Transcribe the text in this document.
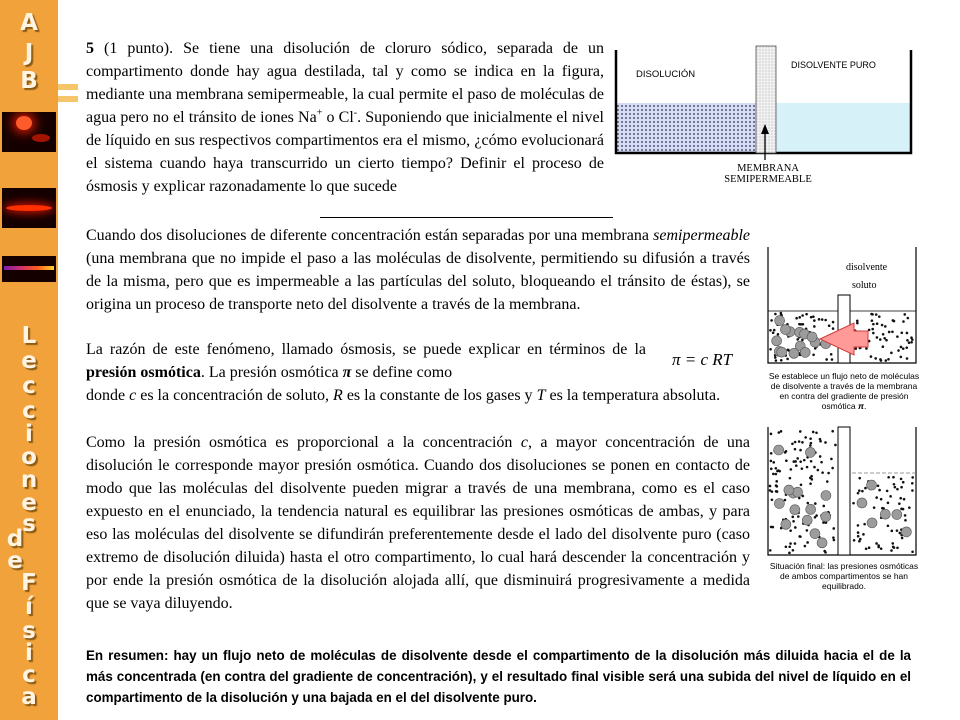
A
J
B
L
e
c
c
i
o
n
e
s
d
e
F
í
s
i
c
a

5 (1 punto). Se tiene una disolución de cloruro sódico, separada de un compartimento donde hay agua destilada, tal y como se indica en la figura, mediante una membrana semipermeable, la cual permite el paso de moléculas de agua pero no el tránsito de iones Na+ o Cl-. Suponiendo que inicialmente el nivel de líquido en sus respectivos compartimentos era el mismo, ¿cómo evolucionará el sistema cuando haya transcurrido un cierto tiempo? Definir el proceso de ósmosis y explicar razonadamente lo que sucede

DISOLUCIÓN
DISOLVENTE PURO
MEMBRANA
SEMIPERMEABLE

Cuando dos disoluciones de diferente concentración están separadas por una membrana semipermeable (una membrana que no impide el paso a las moléculas de disolvente, permitiendo su difusión a través de la misma, pero que es impermeable a las partículas del soluto, bloqueando el tránsito de éstas), se origina un proceso de transporte neto del disolvente a través de la membrana.

La razón de este fenómeno, llamado ósmosis, se puede explicar en términos de la presión osmótica. La presión osmótica π se define como

π = c RT

donde c es la concentración de soluto, R es la constante de los gases y T es la temperatura absoluta.

Como la presión osmótica es proporcional a la concentración c, a mayor concentración de una disolución le corresponde mayor presión osmótica. Cuando dos disoluciones se ponen en contacto de modo que las moléculas del disolvente pueden migrar a través de una membrana, como es el caso expuesto en el enunciado, la tendencia natural es equilibrar las presiones osmóticas de ambas, y para eso las moléculas del disolvente se difundirán preferentemente desde el lado del disolvente puro (caso extremo de disolución diluida) hasta el otro compartimento, lo cual hará descender la concentración y por ende la presión osmótica de la disolución alojada allí, que disminuirá progresivamente a medida que se vaya diluyendo.

disolvente
soluto
Se establece un flujo neto de moléculas de disolvente a través de la membrana en contra del gradiente de presión osmótica π.
Situación final: las presiones osmóticas de ambos compartimentos se han equilibrado.

En resumen: hay un flujo neto de moléculas de disolvente desde el compartimento de la disolución más diluida hacia el de la más concentrada (en contra del gradiente de concentración), y el resultado final visible será una subida del nivel de líquido en el compartimento de la disolución y una bajada en el del disolvente puro.
